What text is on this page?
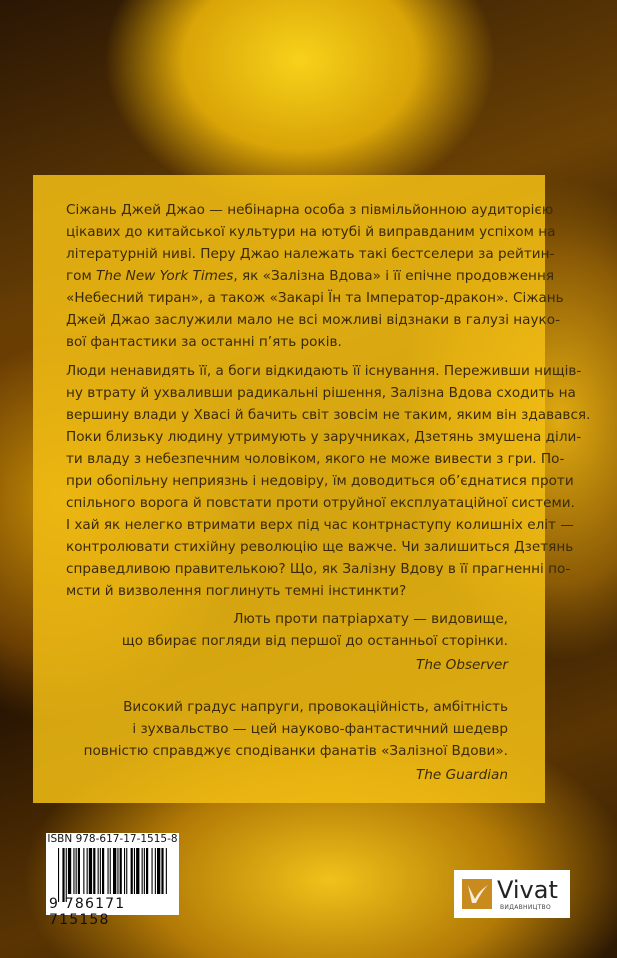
Сіжань Джей Джао — небінарна особа з півмільйонною аудиторією
цікавих до китайської культури на ютубі й виправданим успіхом на
літературній ниві. Перу Джао належать такі бестселери за рейтин-
гом The New York Times, як «Залізна Вдова» і її епічне продовження
«Небесний тиран», а також «Закарі Їн та Імператор-дракон». Сіжань
Джей Джао заслужили мало не всі можливі відзнаки в галузі науко-
вої фантастики за останні п’ять років.
Люди ненавидять її, а боги відкидають її існування. Переживши нищів-
ну втрату й ухваливши радикальні рішення, Залізна Вдова сходить на
вершину влади у Хвасі й бачить світ зовсім не таким, яким він здавався.
Поки близьку людину утримують у заручниках, Дзетянь змушена діли-
ти владу з небезпечним чоловіком, якого не може вивести з гри. По-
при обопільну неприязнь і недовіру, їм доводиться об’єднатися проти
спільного ворога й повстати проти отруйної експлуатаційної системи.
І хай як нелегко втримати верх під час контрнаступу колишніх еліт —
контролювати стихійну революцію ще важче. Чи залишиться Дзетянь
справедливою правителькою? Що, як Залізну Вдову в її прагненні по-
мсти й визволення поглинуть темні інстинкти?
Лють проти патріархату — видовище,
що вбирає погляди від першої до останньої сторінки.
The Observer
Високий градус напруги, провокаційність, амбітність
і зухвальство — цей науково-фантастичний шедевр
повністю справджує сподіванки фанатів «Залізної Вдови».
The Guardian
ISBN 978-617-17-1515-8
9 786171 715158
Vivat
ВИДАВНИЦТВО
